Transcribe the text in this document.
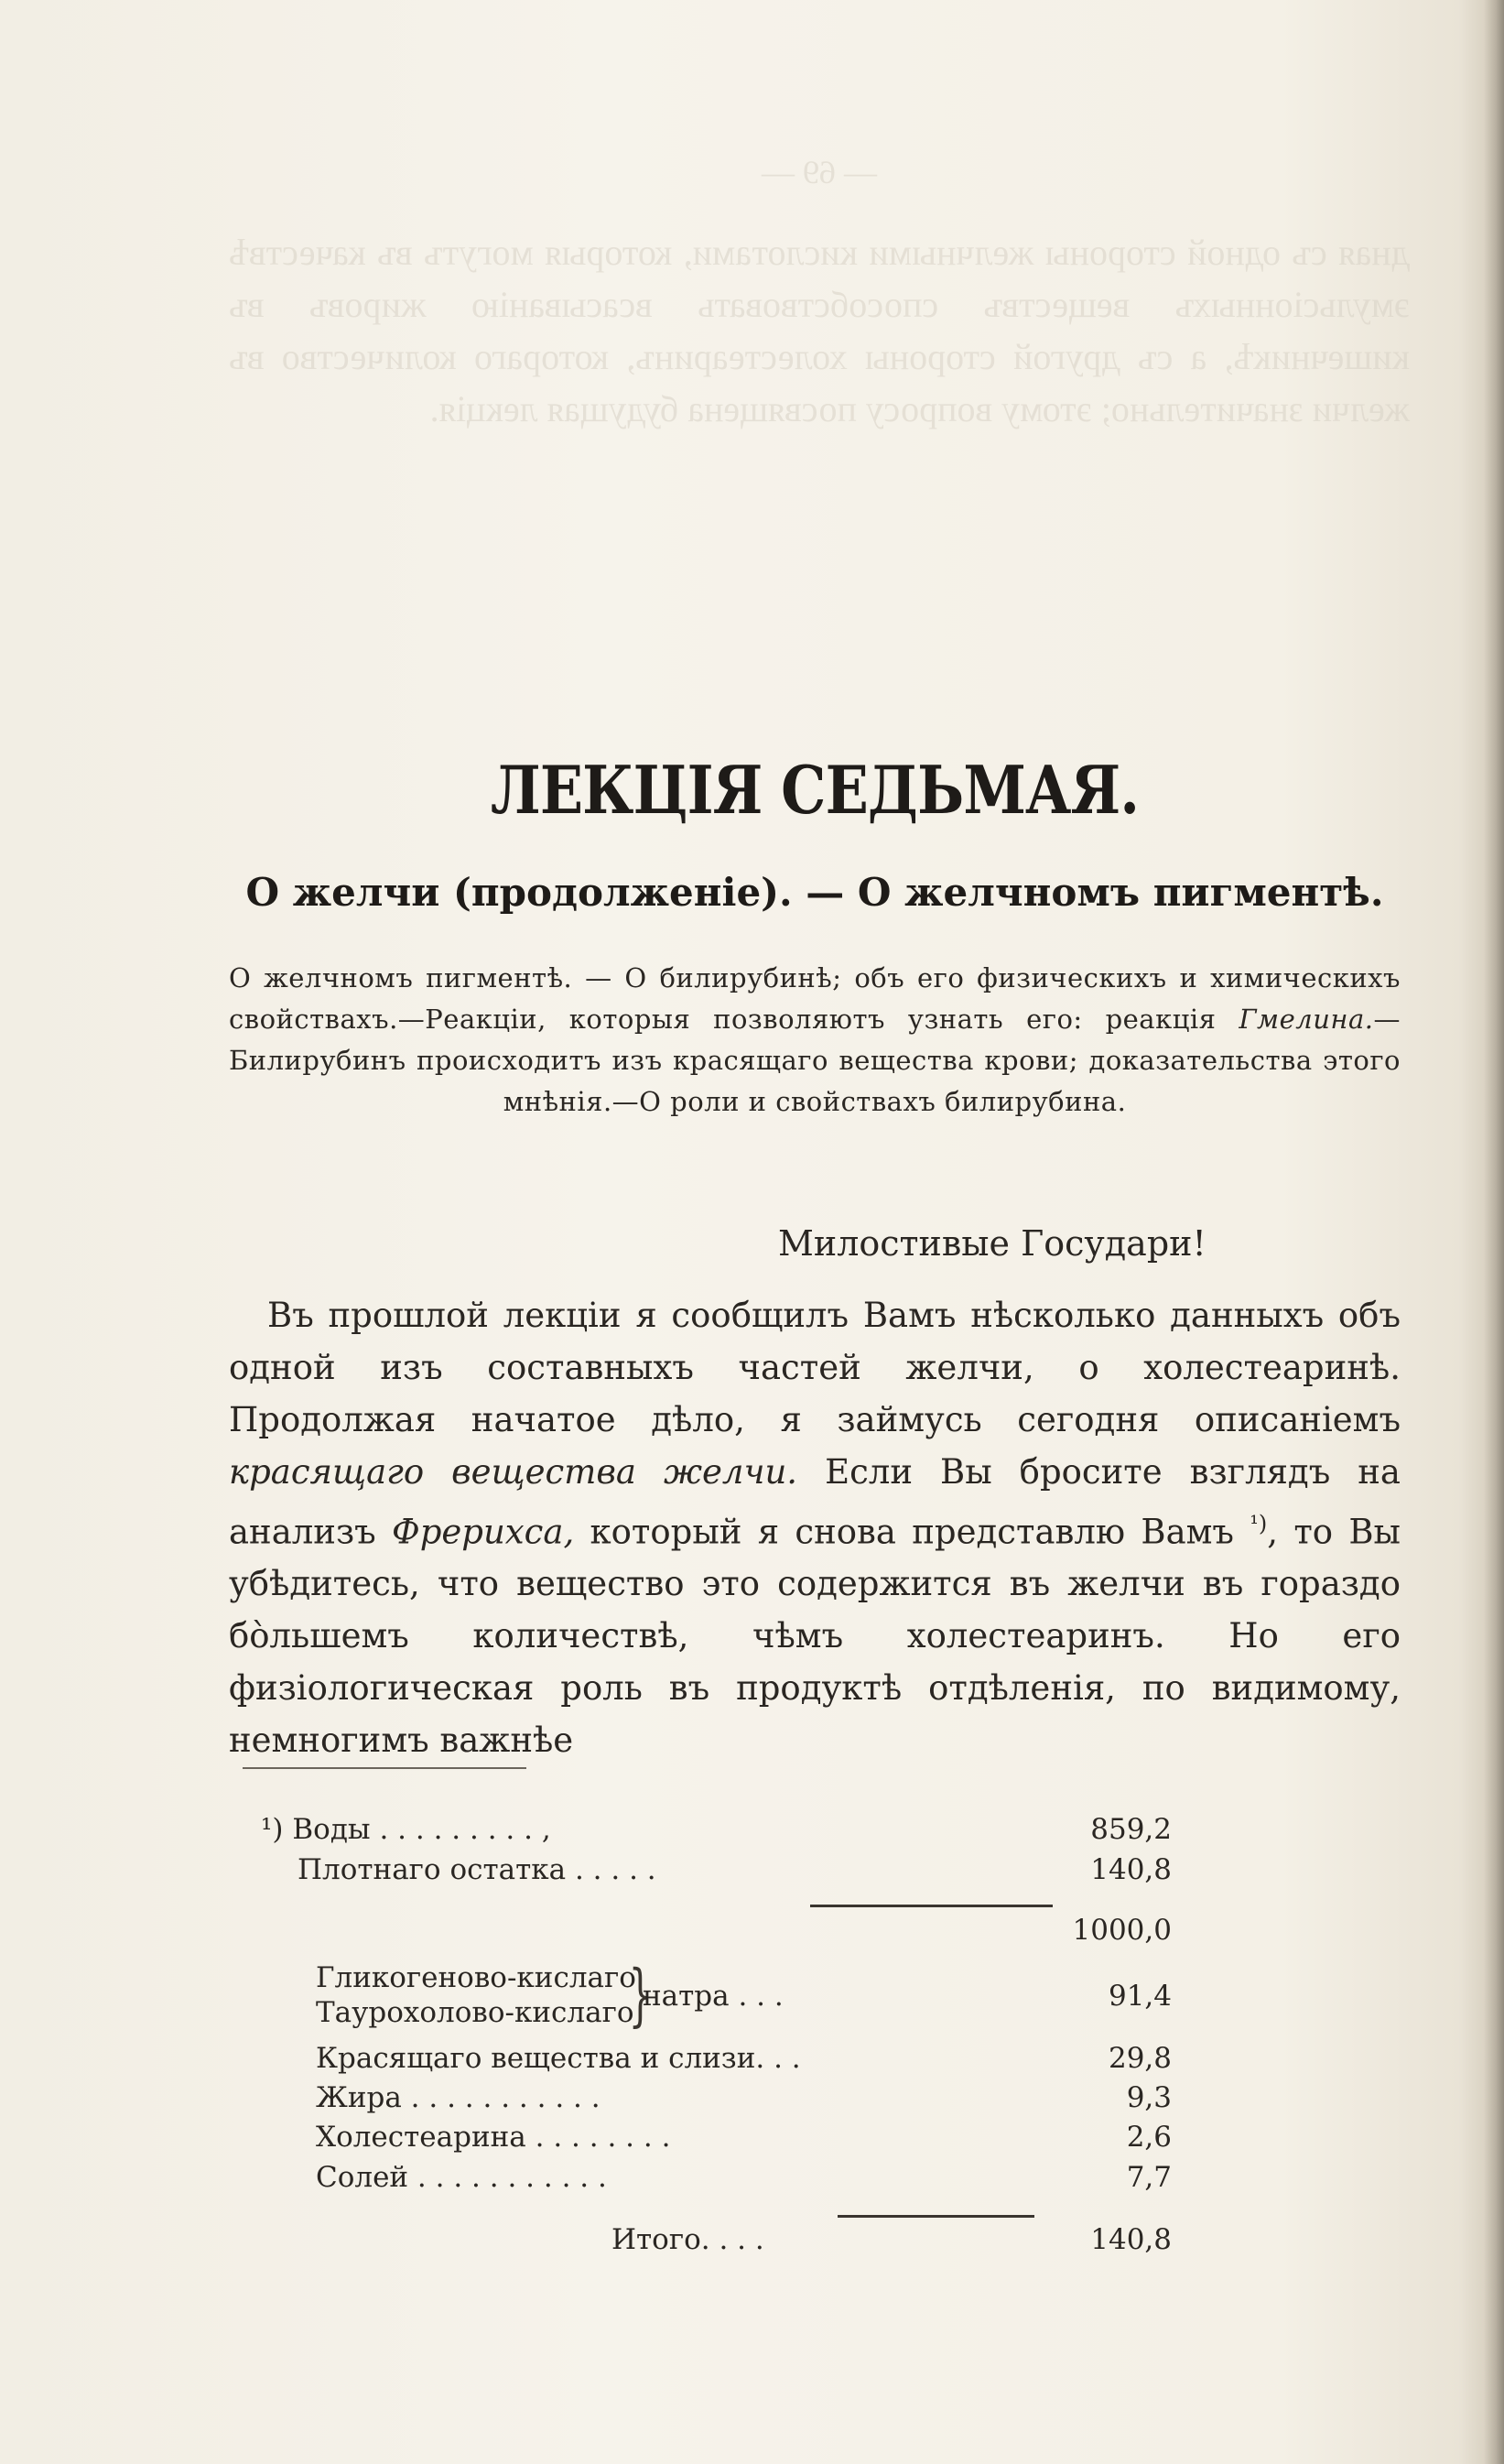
— 69 —

дная съ одной стороны желчными кислотами, которыя могутъ въ качествѣ эмульсіонныхъ веществъ способствовать всасыванію жировъ въ кишечникѣ, а съ другой стороны холестеаринъ, котораго количество въ желчи значительно; этому вопросу посвящена будущая лекція.

ЛЕКЦІЯ СЕДЬМАЯ.
О желчи (продолженіе). — О желчномъ пигментѣ.
О желчномъ пигментѣ. — О билирубинѣ; объ его физическихъ и химическихъ свойствахъ.—Реакціи, которыя позволяютъ узнать его: реакція Гмелина.—Билирубинъ происходитъ изъ красящаго вещества крови; доказательства этого мнѣнія.—О роли и свойствахъ билирубина.
Милостивые Государи!
Въ прошлой лекціи я сообщилъ Вамъ нѣсколько данныхъ объ одной изъ составныхъ частей желчи, о холестеаринѣ. Продолжая начатое дѣло, я займусь сегодня описаніемъ красящаго вещества желчи. Если Вы бросите взглядъ на анализъ Фрерихса, который я снова представлю Вамъ $^{^1)}$, то Вы убѣдитесь, что вещество это содержится въ желчи въ гораздо бо̀льшемъ количествѣ, чѣмъ холестеаринъ. Но его физіологическая роль въ продуктѣ отдѣленія, по видимому, немногимъ важнѣе
¹) Воды . . . . . . . . . ,	859,2
Плотнаго остатка . . . . .	140,8
1000,0
Гликогеново-кислаго
Таурохолово-кислаго
}
натра . . .	91,4
Красящаго вещества и слизи. . .	29,8
Жира . . . . . . . . . . .	9,3
Холестеарина . . . . . . . .	2,6
Солей . . . . . . . . . . .	7,7
Итого. . . .	140,8
